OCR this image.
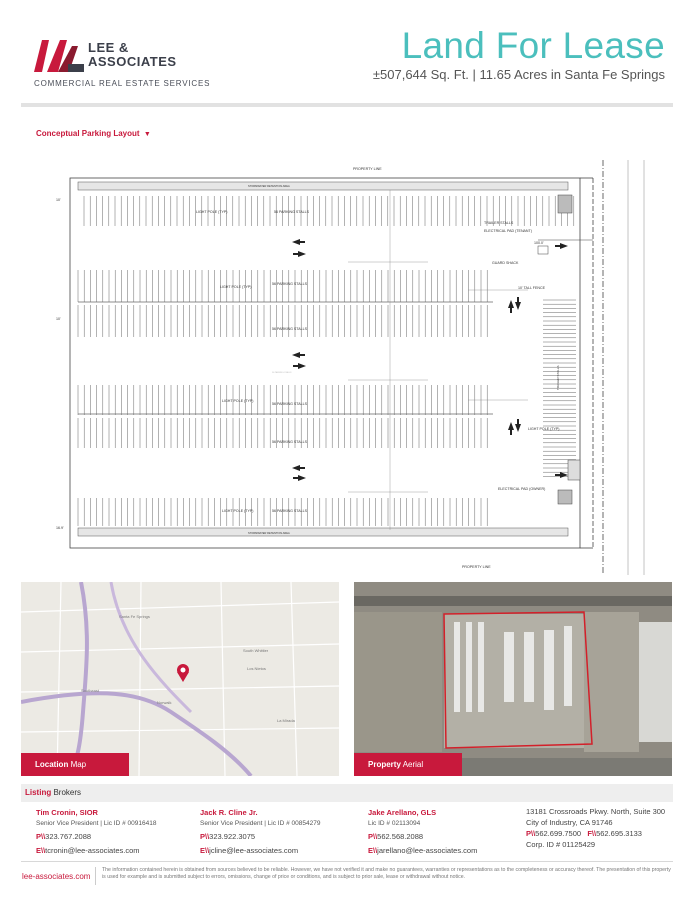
LEE &
ASSOCIATES
COMMERCIAL REAL ESTATE SERVICES
Land For Lease
±507,644 Sq. Ft. | 11.65 Acres in Santa Fe Springs
Conceptual Parking Layout ▼
PROPERTY LINE
PROPERTY LINE
STORMWATER RETENTION AREA
STORMWATER RETENTION AREA
LIGHT POLE (TYP)
LIGHT POLE (TYP)
LIGHT POLE (TYP)
LIGHT POLE (TYP)
LIGHT POLE (TYP)
56 PARKING STALLS
56 PARKING STALLS
56 PARKING STALLS
56 PARKING STALLS
56 PARKING STALLS
56 PARKING STALLS
56 PARKING STALLS
TRAILER STALLS
ELECTRICAL PAD (TENANT)
GUARD SHACK
10' TALL FENCE
ELECTRICAL PAD (OWNER)
TRAILER STALLS
10'
10'
100.0'
16.9'
Santa Fe Springs
South Whittier
Norwalk
La Mirada
Los Nietos
Southeast
Location Map	Property Aerial
Listing Brokers
Tim Cronin, SIOR
Senior Vice President | Lic ID # 00916418
P\\323.767.2088
E\\tcronin@lee-associates.com
Jack R. Cline Jr.
Senior Vice President | Lic ID # 00854279
P\\323.922.3075
E\\jcline@lee-associates.com
Jake Arellano, GLS
Lic ID # 02113094
P\\562.568.2088
E\\jarellano@lee-associates.com
13181 Crossroads Pkwy. North, Suite 300
City of Industry, CA 91746
P\\562.699.7500 F\\562.695.3133
Corp. ID # 01125429
lee-associates.com
The information contained herein is obtained from sources believed to be reliable. However, we have not verified it and make no guarantees, warranties or representations as to the completeness or accuracy thereof. The presentation of this property is used for example and is submitted subject to errors, omissions, change of price or conditions, and is subject to prior sale, lease or withdrawal without notice.
